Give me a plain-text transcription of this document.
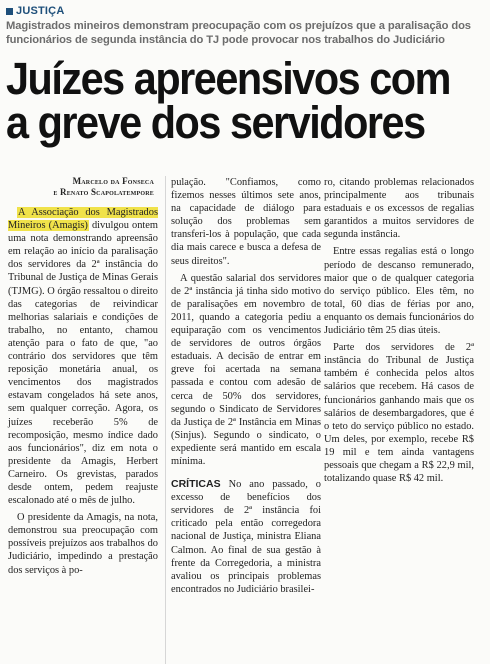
JUSTIÇA
Magistrados mineiros demonstram preocupação com os prejuízos que a paralisação dos funcionários de segunda instância do TJ pode provocar nos trabalhos do Judiciário
Juízes apreensivos com
a greve dos servidores
Marcelo da Fonseca
e Renato Scapolatempore

A Associação dos Magistrados Mineiros (Amagis) divulgou ontem uma nota demonstrando apreensão em relação ao início da paralisação dos servidores da 2ª instância do Tribunal de Justiça de Minas Gerais (TJMG). O órgão ressaltou o direito das categorias de reivindicar melhorias salariais e condições de trabalho, no entanto, chamou atenção para o fato de que, "ao contrário dos servidores que têm reposição monetária anual, os vencimentos dos magistrados estavam congelados há sete anos, sem qualquer correção. Agora, os juízes receberão 5% de recomposição, mesmo índice dado aos funcionários", diz em nota o presidente da Amagis, Herbert Carneiro. Os grevistas, parados desde ontem, pedem reajuste escalonado até o mês de julho.

O presidente da Amagis, na nota, demonstrou sua preocupação com possíveis prejuízos aos trabalhos do Judiciário, impedindo a prestação dos serviços à po-

pulação. "Confiamos, como fizemos nesses últimos sete anos, na capacidade de diálogo para solução dos problemas sem transferi-los à população, que cada dia mais carece e busca a defesa de seus direitos".

A questão salarial dos servidores de 2ª instância já tinha sido motivo de paralisações em novembro de 2011, quando a categoria pediu a equiparação com os vencimentos de servidores de outros órgãos estaduais. A decisão de entrar em greve foi acertada na semana passada e contou com adesão de cerca de 50% dos servidores, segundo o Sindicato de Servidores da Justiça de 2ª Instância em Minas (Sinjus). Segundo o sindicato, o expediente será mantido em escala mínima.

CRÍTICAS No ano passado, o excesso de benefícios dos servidores de 2ª instância foi criticado pela então corregedora nacional de Justiça, ministra Eliana Calmon. Ao final de sua gestão à frente da Corregedoria, a ministra avaliou os principais problemas encontrados no Judiciário brasilei-

ro, citando problemas relacionados principalmente aos tribunais estaduais e os excessos de regalias garantidos a muitos servidores de segunda instância.

Entre essas regalias está o longo período de descanso remunerado, maior que o de qualquer categoria do serviço público. Eles têm, no total, 60 dias de férias por ano, enquanto os demais funcionários do Judiciário têm 25 dias úteis.

Parte dos servidores de 2ª instância do Tribunal de Justiça também é conhecida pelos altos salários que recebem. Há casos de funcionários ganhando mais que os salários de desembargadores, que é o teto do serviço público no estado. Um deles, por exemplo, recebe R$ 19 mil e tem ainda vantagens pessoais que chegam a R$ 22,9 mil, totalizando quase R$ 42 mil.
